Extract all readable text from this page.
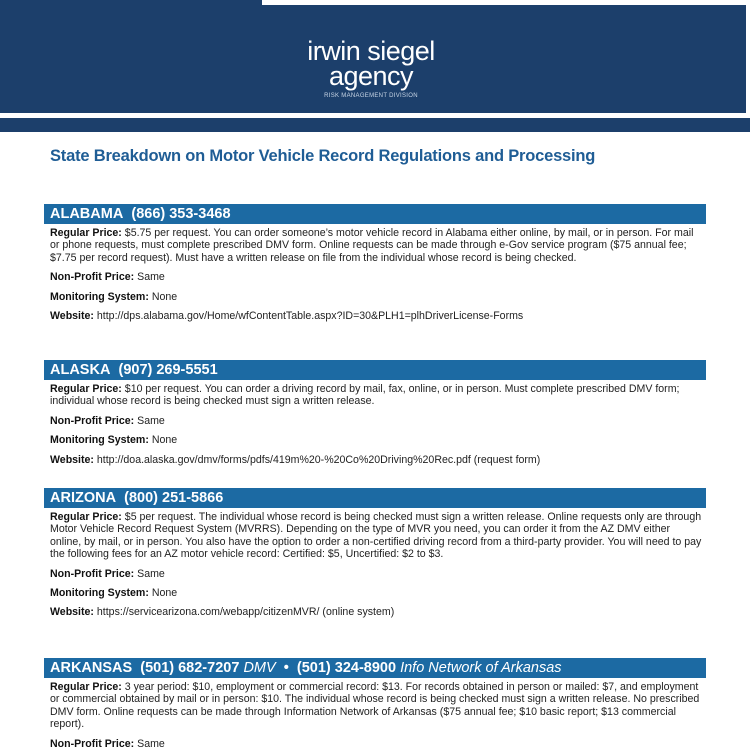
irwin siegel
agency
RISK MANAGEMENT DIVISION
State Breakdown on Motor Vehicle Record Regulations and Processing
ALABAMA (866) 353-3468
Regular Price: $5.75 per request. You can order someone’s motor vehicle record in Alabama either online, by mail, or in person. For mail or phone requests, must complete prescribed DMV form. Online requests can be made through e-Gov service program ($75 annual fee; $7.75 per record request). Must have a written release on file from the individual whose record is being checked.
Non-Profit Price: Same
Monitoring System: None
Website: http://dps.alabama.gov/Home/wfContentTable.aspx?ID=30&PLH1=plhDriverLicense-Forms
ALASKA (907) 269-5551
Regular Price: $10 per request. You can order a driving record by mail, fax, online, or in person. Must complete prescribed DMV form; individual whose record is being checked must sign a written release.
Non-Profit Price: Same
Monitoring System: None
Website: http://doa.alaska.gov/dmv/forms/pdfs/419m%20-%20Co%20Driving%20Rec.pdf (request form)
ARIZONA (800) 251-5866
Regular Price: $5 per request. The individual whose record is being checked must sign a written release. Online requests only are through Motor Vehicle Record Request System (MVRRS). Depending on the type of MVR you need, you can order it from the AZ DMV either online, by mail, or in person. You also have the option to order a non-certified driving record from a third-party provider. You will need to pay the following fees for an AZ motor vehicle record: Certified: $5, Uncertified: $2 to $3.
Non-Profit Price: Same
Monitoring System: None
Website: https://servicearizona.com/webapp/citizenMVR/ (online system)
ARKANSAS (501) 682-7207 DMV • (501) 324-8900 Info Network of Arkansas
Regular Price: 3 year period: $10, employment or commercial record: $13. For records obtained in person or mailed: $7, and employment or commercial obtained by mail or in person: $10. The individual whose record is being checked must sign a written release. No prescribed DMV form. Online requests can be made through Information Network of Arkansas ($75 annual fee; $10 basic report; $13 commercial report).
Non-Profit Price: Same
